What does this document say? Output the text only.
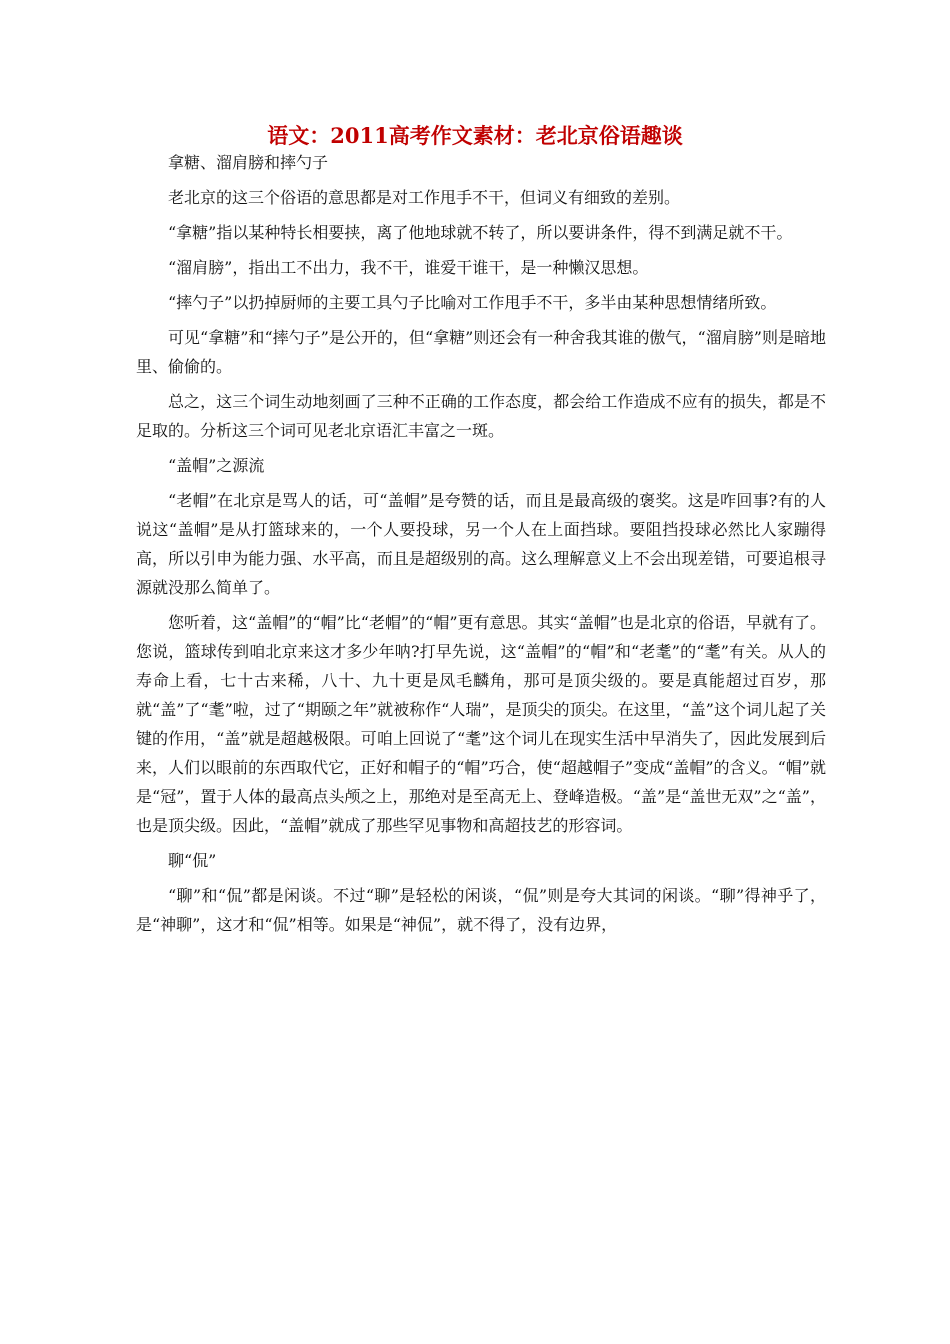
语文：2011高考作文素材：老北京俗语趣谈

拿糖、溜肩膀和摔勺子

老北京的这三个俗语的意思都是对工作甩手不干，但词义有细致的差别。

“拿糖”指以某种特长相要挟，离了他地球就不转了，所以要讲条件，得不到满足就不干。

“溜肩膀”，指出工不出力，我不干，谁爱干谁干，是一种懒汉思想。

“摔勺子”以扔掉厨师的主要工具勺子比喻对工作甩手不干，多半由某种思想情绪所致。

可见“拿糖”和“摔勺子”是公开的，但“拿糖”则还会有一种舍我其谁的傲气，“溜肩膀”则是暗地里、偷偷的。

总之，这三个词生动地刻画了三种不正确的工作态度，都会给工作造成不应有的损失，都是不足取的。分析这三个词可见老北京语汇丰富之一斑。

“盖帽”之源流

“老帽”在北京是骂人的话，可“盖帽”是夸赞的话，而且是最高级的褒奖。这是咋回事?有的人说这“盖帽”是从打篮球来的，一个人要投球，另一个人在上面挡球。要阻挡投球必然比人家蹦得高，所以引申为能力强、水平高，而且是超级别的高。这么理解意义上不会出现差错，可要追根寻源就没那么简单了。

您听着，这“盖帽”的“帽”比“老帽”的“帽”更有意思。其实“盖帽”也是北京的俗语，早就有了。您说，篮球传到咱北京来这才多少年呐?打早先说，这“盖帽”的“帽”和“老耄”的“耄”有关。从人的寿命上看，七十古来稀，八十、九十更是凤毛麟角，那可是顶尖级的。要是真能超过百岁，那就“盖”了“耄”啦，过了“期颐之年”就被称作“人瑞”，是顶尖的顶尖。在这里，“盖”这个词儿起了关键的作用，“盖”就是超越极限。可咱上回说了“耄”这个词儿在现实生活中早消失了，因此发展到后来，人们以眼前的东西取代它，正好和帽子的“帽”巧合，使“超越帽子”变成“盖帽”的含义。“帽”就是“冠”，置于人体的最高点头颅之上，那绝对是至高无上、登峰造极。“盖”是“盖世无双”之“盖”，也是顶尖级。因此，“盖帽”就成了那些罕见事物和高超技艺的形容词。

聊“侃”

“聊”和“侃”都是闲谈。不过“聊”是轻松的闲谈，“侃”则是夸大其词的闲谈。“聊”得神乎了，是“神聊”，这才和“侃”相等。如果是“神侃”，就不得了，没有边界，
